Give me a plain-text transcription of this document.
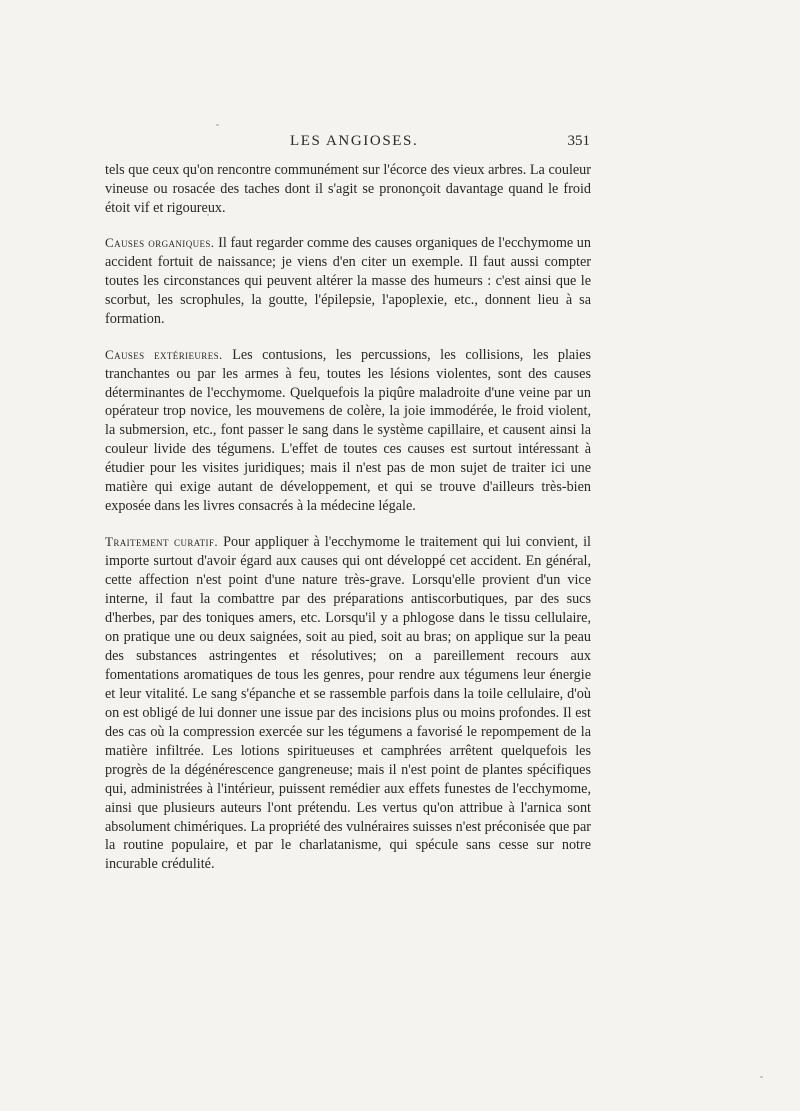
LES ANGIOSES.	351

tels que ceux qu'on rencontre communément sur l'écorce des vieux arbres. La couleur vineuse ou rosacée des taches dont il s'agit se prononçoit davantage quand le froid étoit vif et rigoureux.

Causes organiques. Il faut regarder comme des causes organiques de l'ecchymome un accident fortuit de naissance; je viens d'en citer un exemple. Il faut aussi compter toutes les circonstances qui peuvent altérer la masse des humeurs : c'est ainsi que le scorbut, les scrophules, la goutte, l'épilepsie, l'apoplexie, etc., donnent lieu à sa formation.

Causes extérieures. Les contusions, les percussions, les collisions, les plaies tranchantes ou par les armes à feu, toutes les lésions violentes, sont des causes déterminantes de l'ecchymome. Quelquefois la piqûre maladroite d'une veine par un opérateur trop novice, les mouvemens de colère, la joie immodérée, le froid violent, la submersion, etc., font passer le sang dans le système capillaire, et causent ainsi la couleur livide des tégumens. L'effet de toutes ces causes est surtout intéressant à étudier pour les visites juridiques; mais il n'est pas de mon sujet de traiter ici une matière qui exige autant de développement, et qui se trouve d'ailleurs très-bien exposée dans les livres consacrés à la médecine légale.

Traitement curatif. Pour appliquer à l'ecchymome le traitement qui lui convient, il importe surtout d'avoir égard aux causes qui ont développé cet accident. En général, cette affection n'est point d'une nature très-grave. Lorsqu'elle provient d'un vice interne, il faut la combattre par des préparations antiscorbutiques, par des sucs d'herbes, par des toniques amers, etc. Lorsqu'il y a phlogose dans le tissu cellulaire, on pratique une ou deux saignées, soit au pied, soit au bras; on applique sur la peau des substances astringentes et résolutives; on a pareillement recours aux fomentations aromatiques de tous les genres, pour rendre aux tégumens leur énergie et leur vitalité. Le sang s'épanche et se rassemble parfois dans la toile cellulaire, d'où on est obligé de lui donner une issue par des incisions plus ou moins profondes. Il est des cas où la compression exercée sur les tégumens a favorisé le repompement de la matière infiltrée. Les lotions spiritueuses et camphrées arrêtent quelquefois les progrès de la dégénérescence gangreneuse; mais il n'est point de plantes spécifiques qui, administrées à l'intérieur, puissent remédier aux effets funestes de l'ecchymome, ainsi que plusieurs auteurs l'ont prétendu. Les vertus qu'on attribue à l'arnica sont absolument chimériques. La propriété des vulnéraires suisses n'est préconisée que par la routine populaire, et par le charlatanisme, qui spécule sans cesse sur notre incurable crédulité.
